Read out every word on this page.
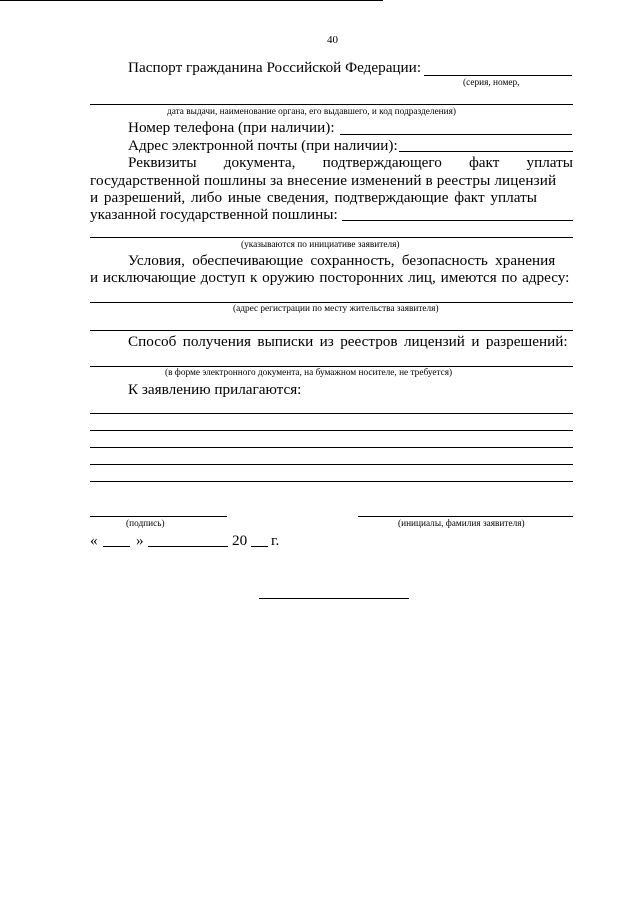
40
Паспорт гражданина Российской Федерации:
(серия, номер,
дата выдачи, наименование органа, его выдавшего, и код подразделения)
Номер телефона (при наличии):
Адрес электронной почты (при наличии):
Реквизиты документа, подтверждающего факт уплаты
государственной пошлины за внесение изменений в реестры лицензий
и разрешений, либо иные сведения, подтверждающие факт уплаты
указанной государственной пошлины:
(указываются по инициативе заявителя)
Условия, обеспечивающие сохранность, безопасность хранения
и исключающие доступ к оружию посторонних лиц, имеются по адресу:
(адрес регистрации по месту жительства заявителя)
Способ получения выписки из реестров лицензий и разрешений:
(в форме электронного документа, на бумажном носителе, не требуется)
К заявлению прилагаются:
(подпись)	(инициалы, фамилия заявителя)
«	»	20 г.
